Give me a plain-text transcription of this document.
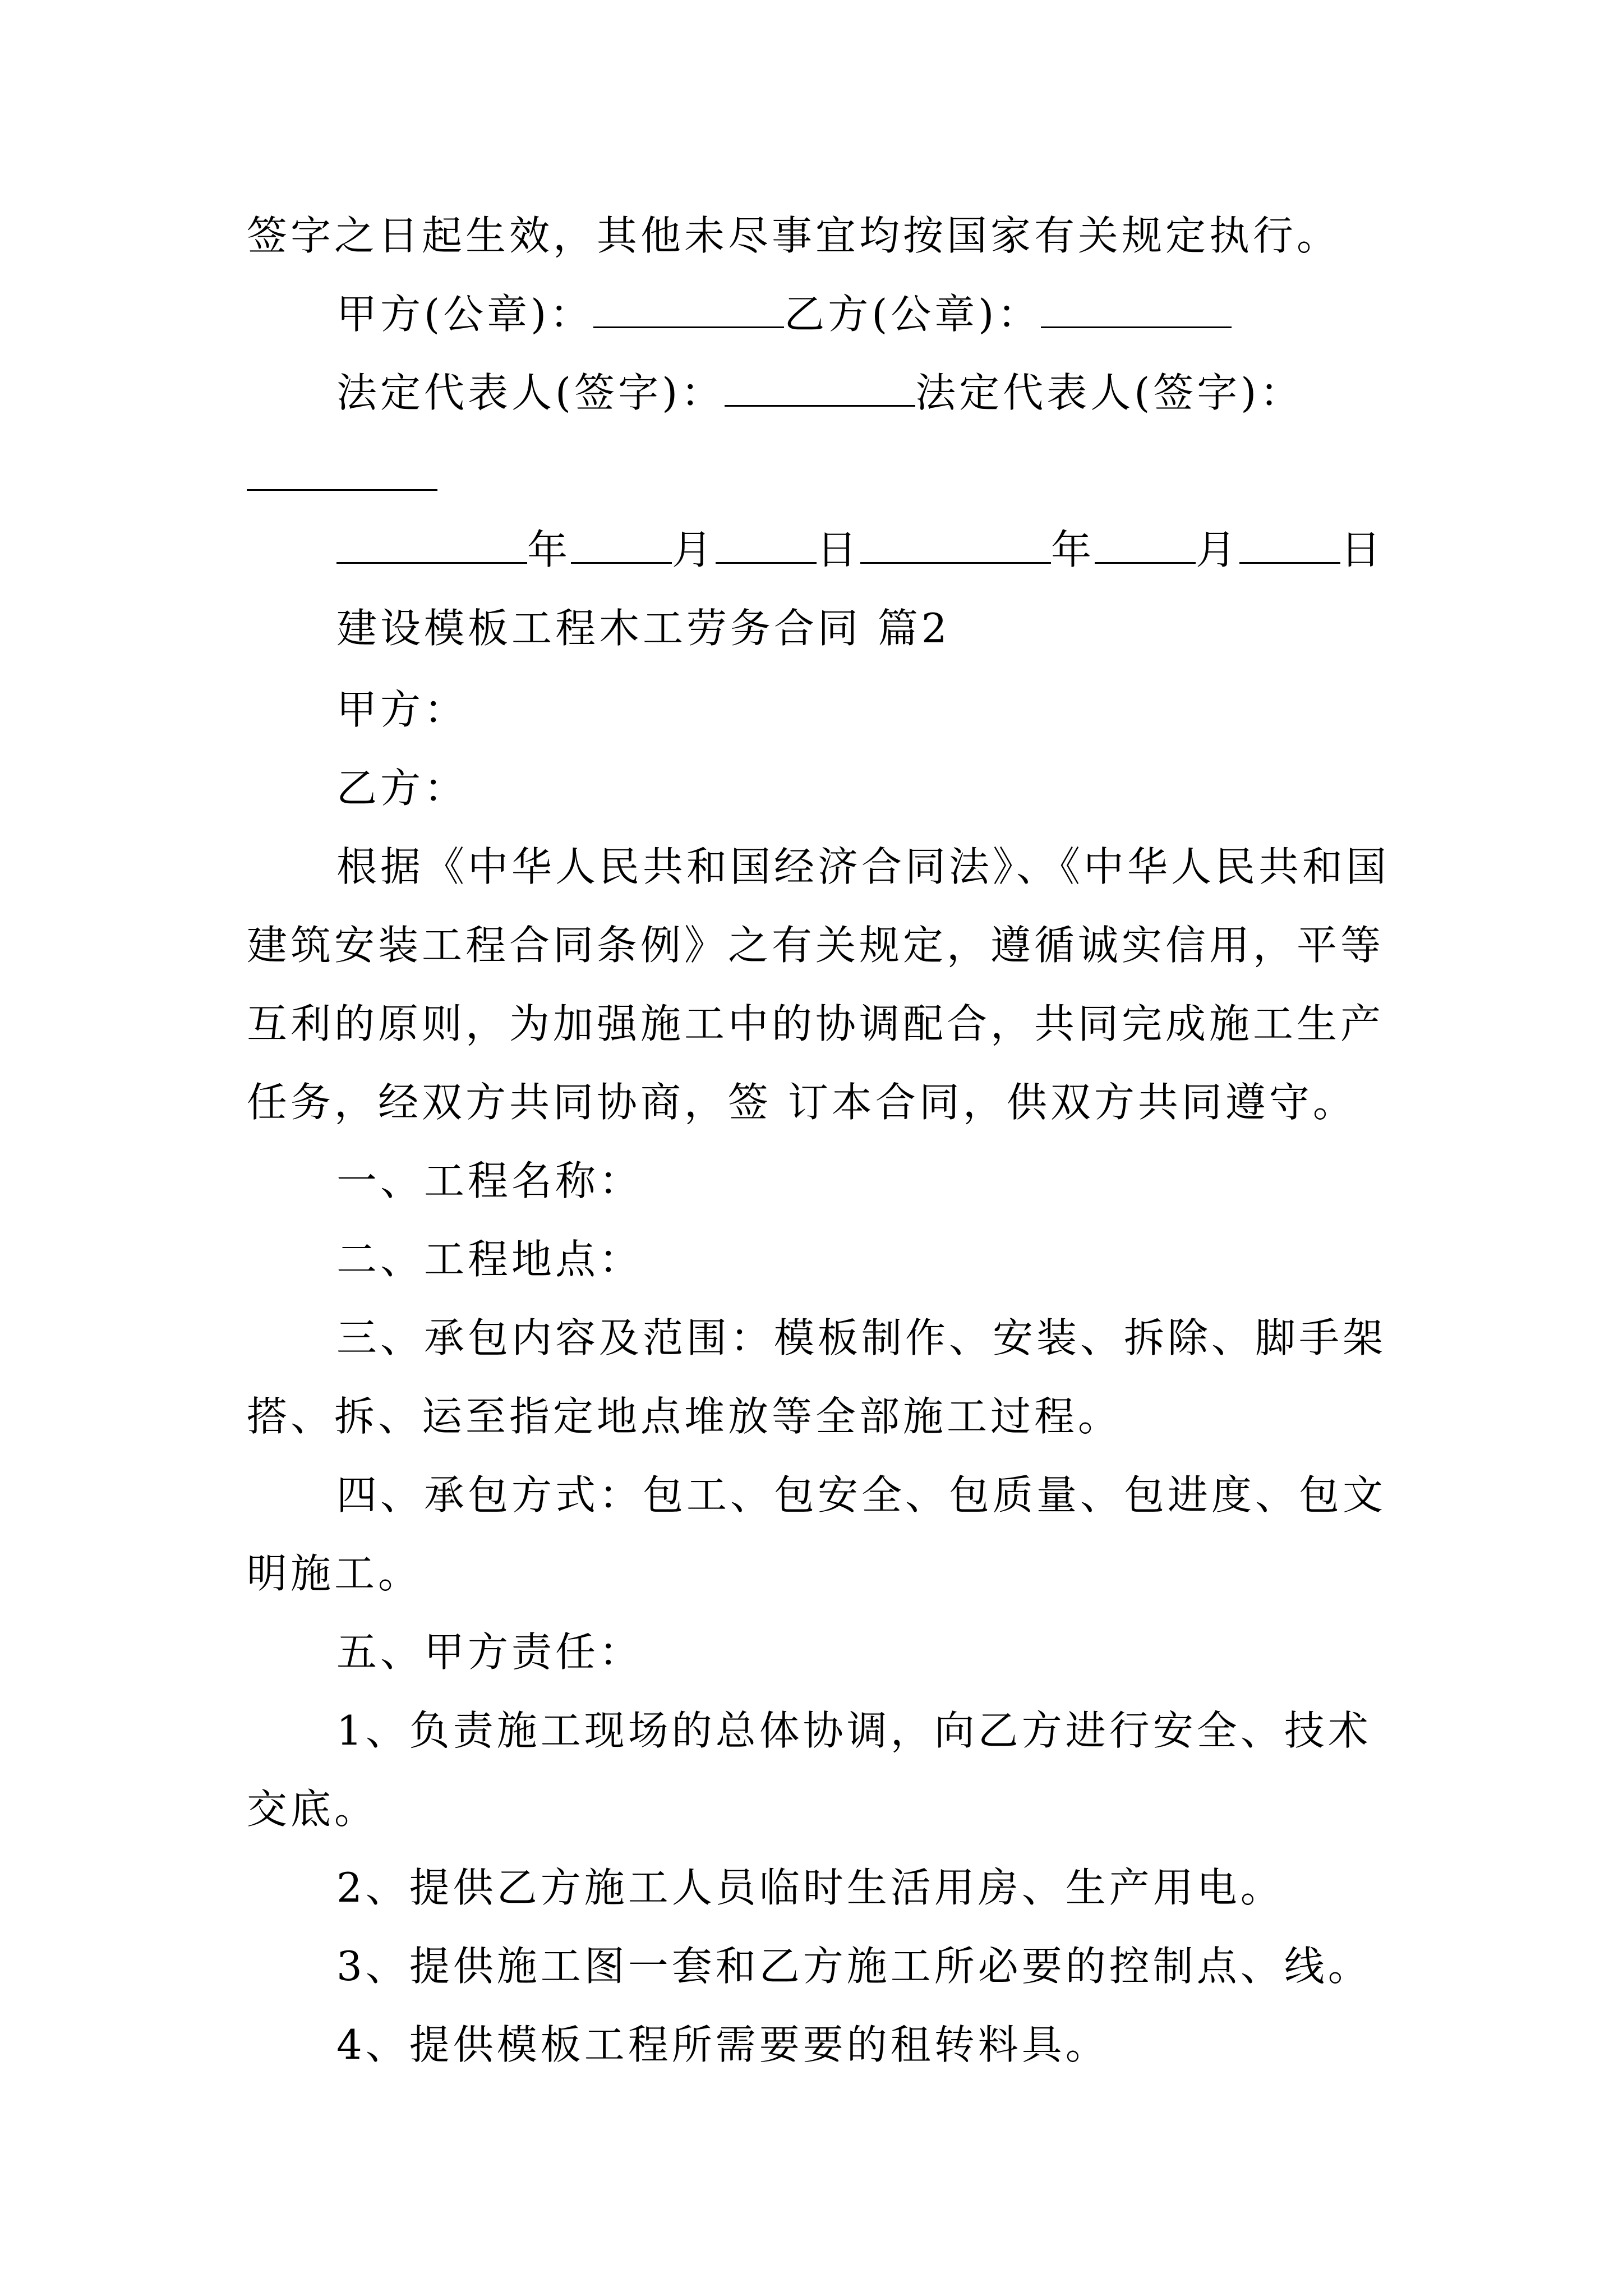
签字之日起生效，其他未尽事宜均按国家有关规定执行。
甲方(公章)：	乙方(公章)：
法定代表人(签字)：	法定代表人(签字)：
年	月	日	年	月	日
建设模板工程木工劳务合同 篇2
甲方：
乙方：
根据《中华人民共和国经济合同法》、《中华人民共和国
建筑安装工程合同条例》之有关规定，遵循诚实信用，平等
互利的原则，为加强施工中的协调配合，共同完成施工生产
任务，经双方共同协商，签 订本合同，供双方共同遵守。
一、工程名称：
二、工程地点：
三、承包内容及范围：模板制作、安装、拆除、脚手架
搭、拆、运至指定地点堆放等全部施工过程。
四、承包方式：包工、包安全、包质量、包进度、包文
明施工。
五、甲方责任：
1、负责施工现场的总体协调，向乙方进行安全、技术
交底。
2、提供乙方施工人员临时生活用房、生产用电。
3、提供施工图一套和乙方施工所必要的控制点、线。
4、提供模板工程所需要要的租转料具。
